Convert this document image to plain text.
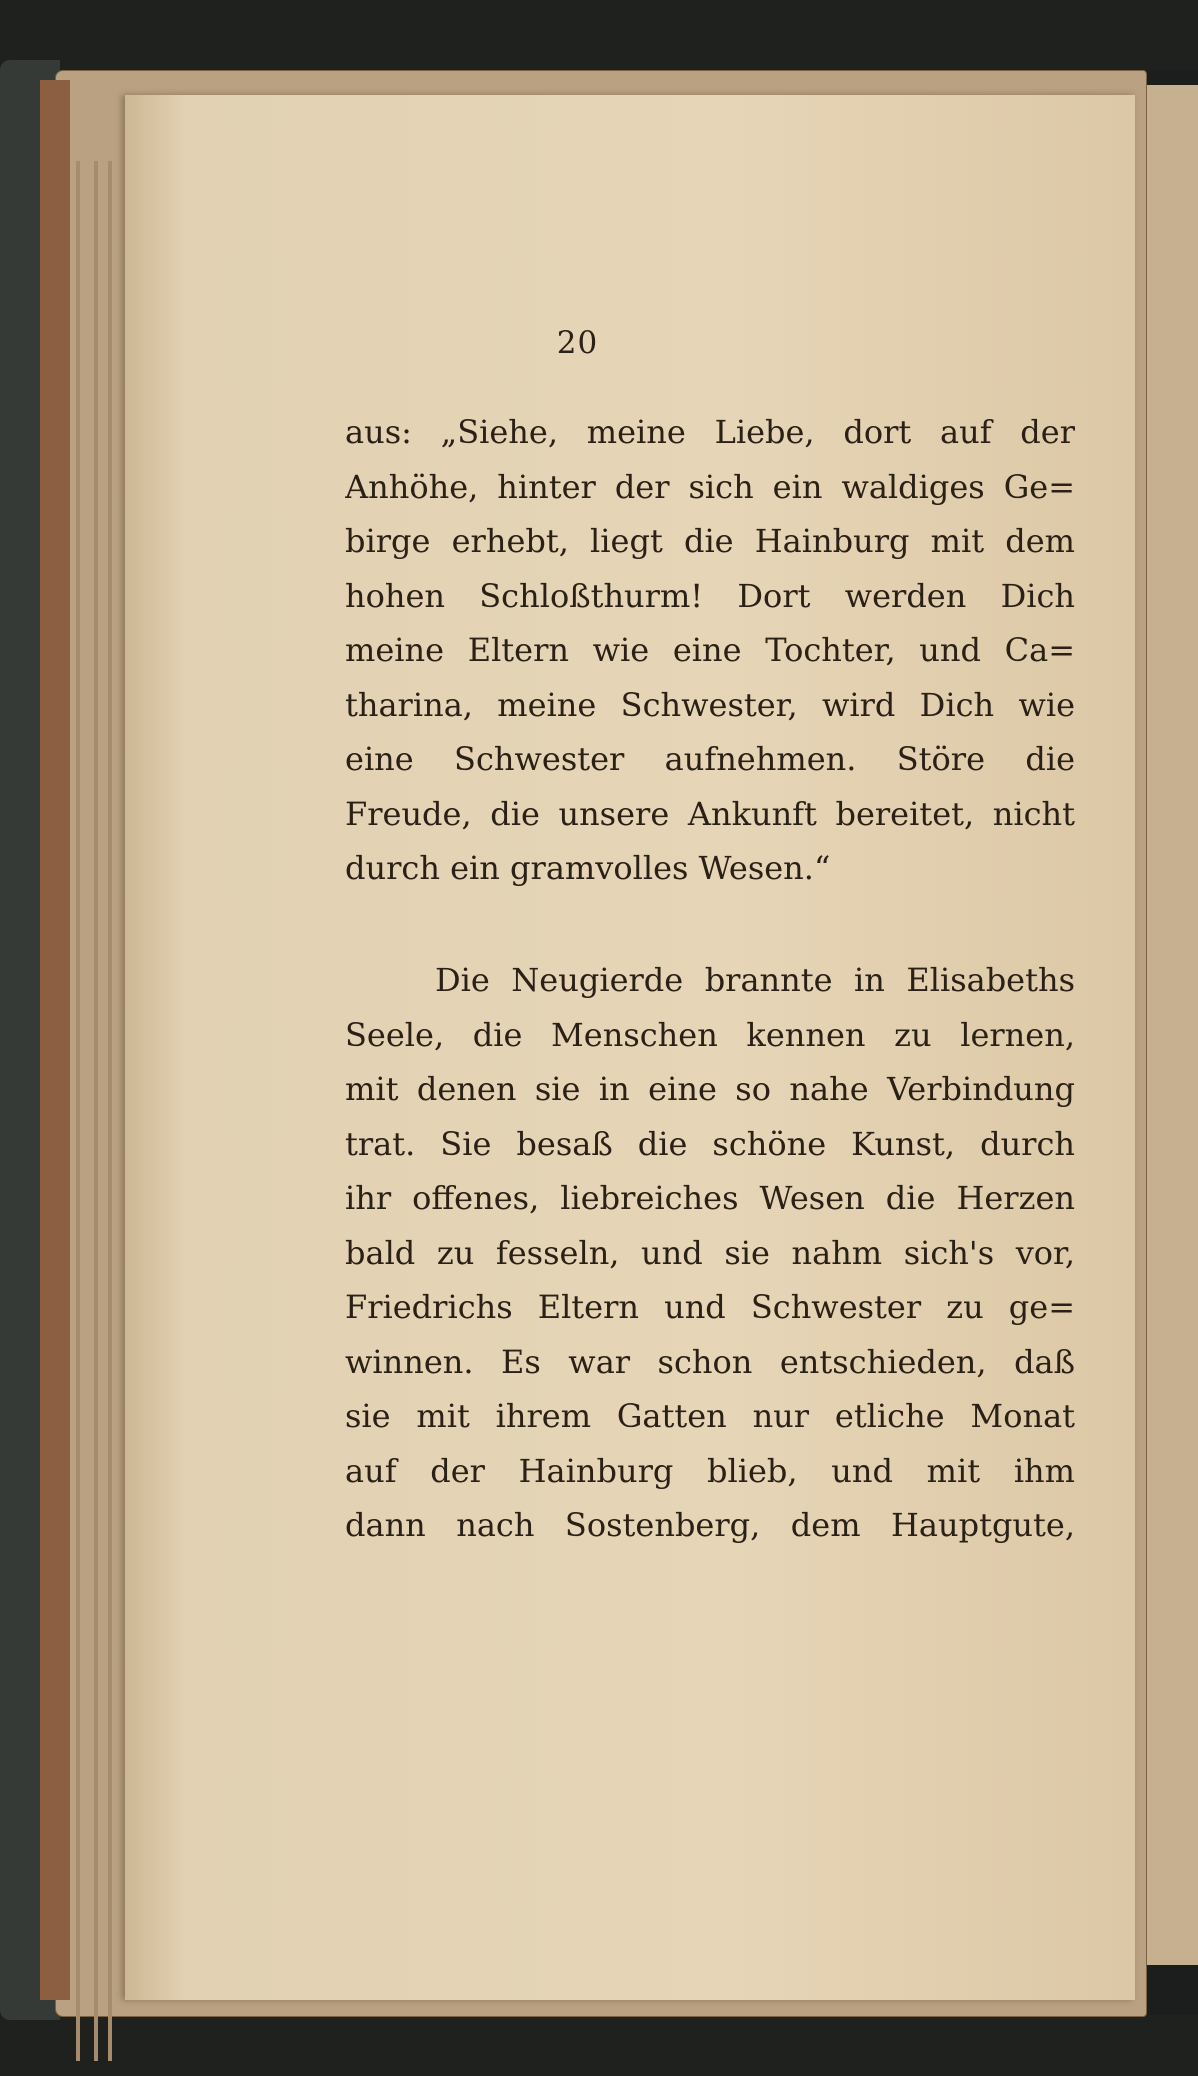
20
aus: „Siehe, meine Liebe, dort auf der
Anhöhe, hinter der sich ein waldiges Ge=
birge erhebt, liegt die Hainburg mit dem
hohen Schloßthurm! Dort werden Dich
meine Eltern wie eine Tochter, und Ca=
tharina, meine Schwester, wird Dich wie
eine Schwester aufnehmen. Störe die
Freude, die unsere Ankunft bereitet, nicht
durch ein gramvolles Wesen.“
Die Neugierde brannte in Elisabeths
Seele, die Menschen kennen zu lernen,
mit denen sie in eine so nahe Verbindung
trat. Sie besaß die schöne Kunst, durch
ihr offenes, liebreiches Wesen die Herzen
bald zu fesseln, und sie nahm sich's vor,
Friedrichs Eltern und Schwester zu ge=
winnen. Es war schon entschieden, daß
sie mit ihrem Gatten nur etliche Monat
auf der Hainburg blieb, und mit ihm
dann nach Sostenberg, dem Hauptgute,
